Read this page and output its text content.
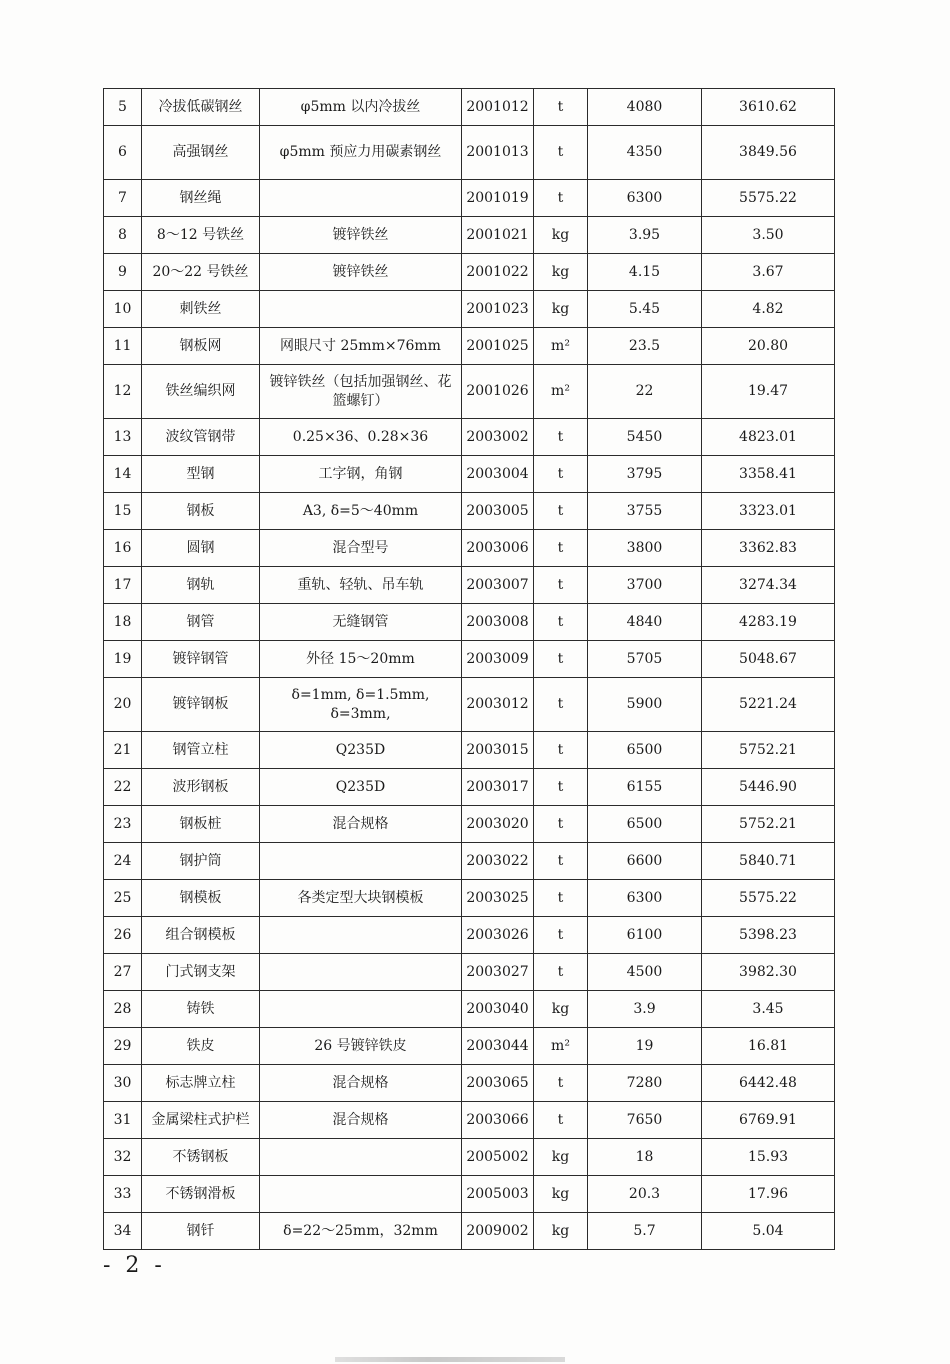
5	冷拔低碳钢丝	φ5mm 以内冷拔丝	2001012	t	4080	3610.62
6	高强钢丝	φ5mm 预应力用碳素钢丝	2001013	t	4350	3849.56
7	钢丝绳		2001019	t	6300	5575.22
8	8～12 号铁丝	镀锌铁丝	2001021	kg	3.95	3.50
9	20～22 号铁丝	镀锌铁丝	2001022	kg	4.15	3.67
10	刺铁丝		2001023	kg	5.45	4.82
11	钢板网	网眼尺寸 25mm×76mm	2001025	m²	23.5	20.80
12	铁丝编织网	镀锌铁丝（包括加强钢丝、花篮螺钉）	2001026	m²	22	19.47
13	波纹管钢带	0.25×36、0.28×36	2003002	t	5450	4823.01
14	型钢	工字钢，角钢	2003004	t	3795	3358.41
15	钢板	A3, δ=5～40mm	2003005	t	3755	3323.01
16	圆钢	混合型号	2003006	t	3800	3362.83
17	钢轨	重轨、轻轨、吊车轨	2003007	t	3700	3274.34
18	钢管	无缝钢管	2003008	t	4840	4283.19
19	镀锌钢管	外径 15～20mm	2003009	t	5705	5048.67
20	镀锌钢板	δ=1mm, δ=1.5mm, δ=3mm,	2003012	t	5900	5221.24
21	钢管立柱	Q235D	2003015	t	6500	5752.21
22	波形钢板	Q235D	2003017	t	6155	5446.90
23	钢板桩	混合规格	2003020	t	6500	5752.21
24	钢护筒		2003022	t	6600	5840.71
25	钢模板	各类定型大块钢模板	2003025	t	6300	5575.22
26	组合钢模板		2003026	t	6100	5398.23
27	门式钢支架		2003027	t	4500	3982.30
28	铸铁		2003040	kg	3.9	3.45
29	铁皮	26 号镀锌铁皮	2003044	m²	19	16.81
30	标志牌立柱	混合规格	2003065	t	7280	6442.48
31	金属梁柱式护栏	混合规格	2003066	t	7650	6769.91
32	不锈钢板		2005002	kg	18	15.93
33	不锈钢滑板		2005003	kg	20.3	17.96
34	钢钎	δ=22～25mm，32mm	2009002	kg	5.7	5.04
- 2 -
